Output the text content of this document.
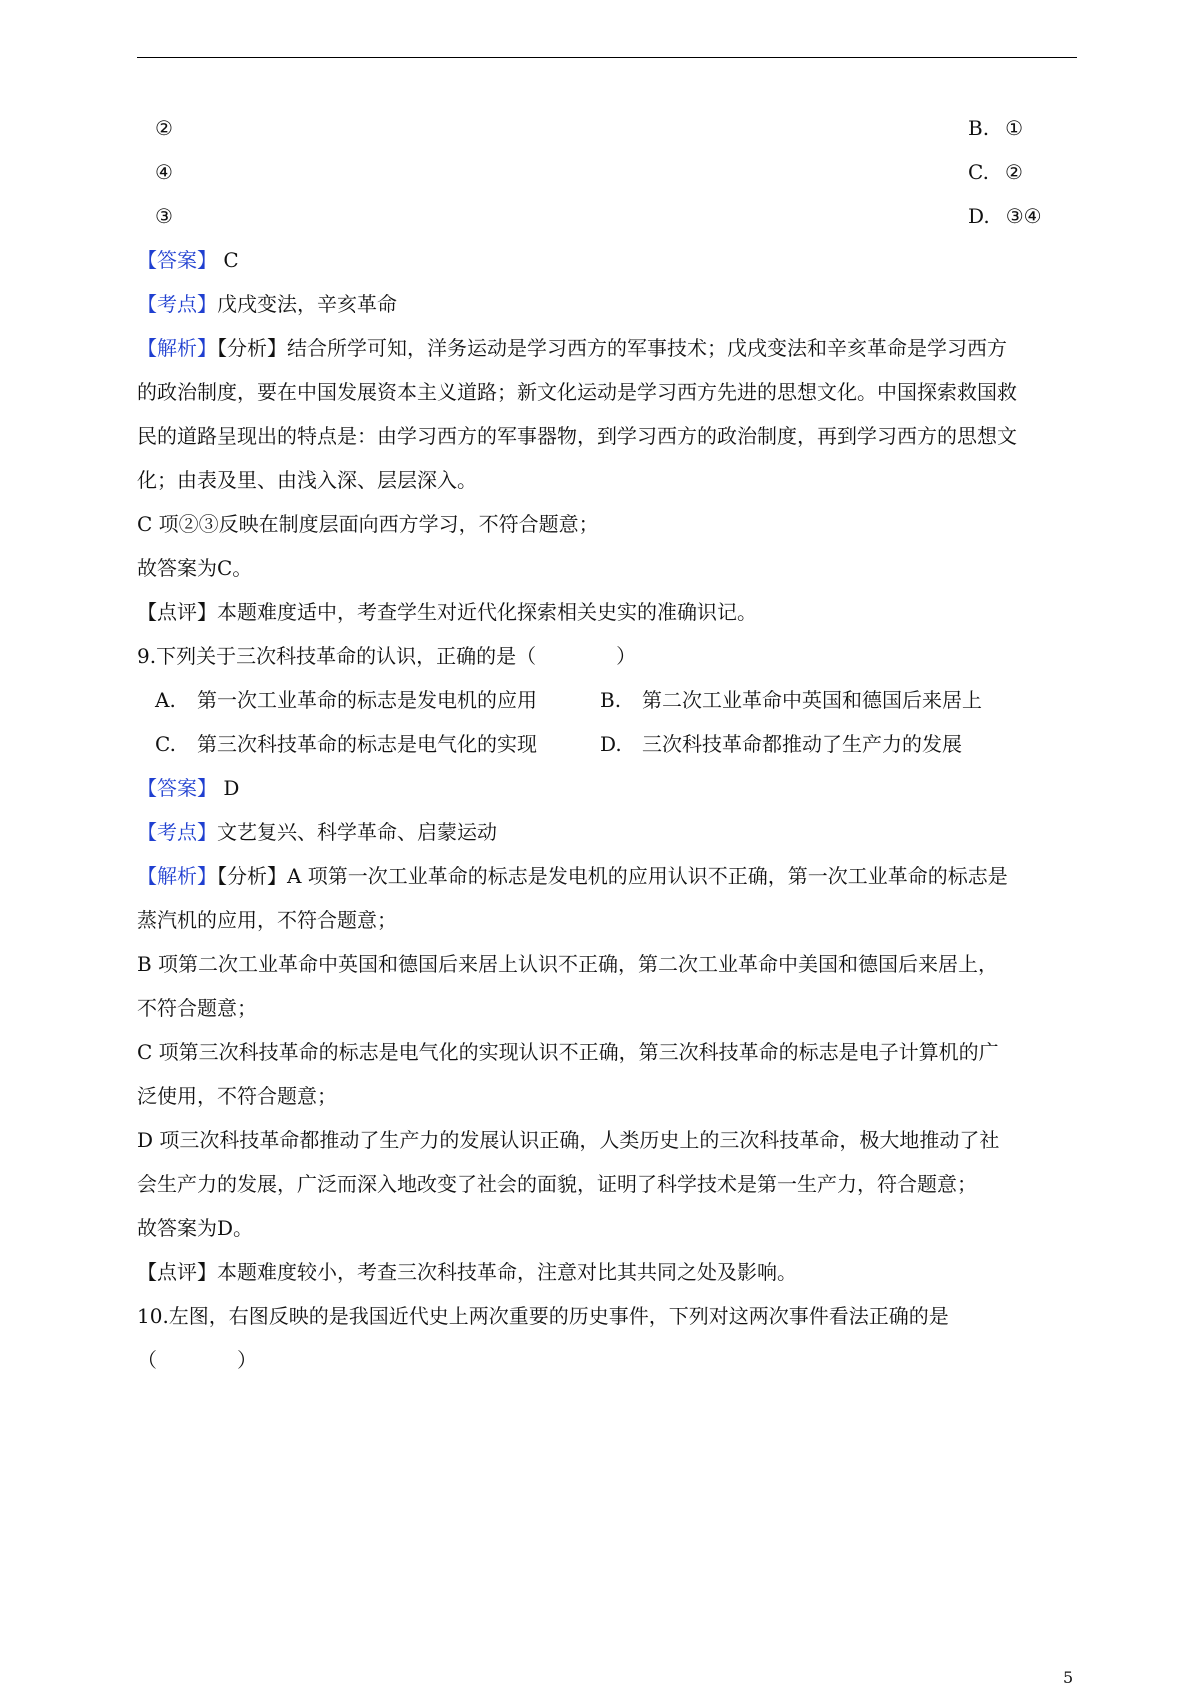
②	B. ①
④	C. ②
③	D. ③④
【答案】 C
【考点】戊戌变法，辛亥革命
【解析】【分析】结合所学可知，洋务运动是学习西方的军事技术；戊戌变法和辛亥革命是学习西方
的政治制度，要在中国发展资本主义道路；新文化运动是学习西方先进的思想文化。中国探索救国救
民的道路呈现出的特点是：由学习西方的军事器物，到学习西方的政治制度，再到学习西方的思想文
化；由表及里、由浅入深、层层深入。
C 项②③反映在制度层面向西方学习，不符合题意；
故答案为C。
【点评】本题难度适中，考查学生对近代化探索相关史实的准确识记。
9.下列关于三次科技革命的认识，正确的是（　　　　）
A. 第一次工业革命的标志是发电机的应用	B. 第二次工业革命中英国和德国后来居上
C. 第三次科技革命的标志是电气化的实现	D. 三次科技革命都推动了生产力的发展
【答案】 D
【考点】文艺复兴、科学革命、启蒙运动
【解析】【分析】A 项第一次工业革命的标志是发电机的应用认识不正确，第一次工业革命的标志是
蒸汽机的应用，不符合题意；
B 项第二次工业革命中英国和德国后来居上认识不正确，第二次工业革命中美国和德国后来居上，
不符合题意；
C 项第三次科技革命的标志是电气化的实现认识不正确，第三次科技革命的标志是电子计算机的广
泛使用，不符合题意；
D 项三次科技革命都推动了生产力的发展认识正确，人类历史上的三次科技革命，极大地推动了社
会生产力的发展，广泛而深入地改变了社会的面貌，证明了科学技术是第一生产力，符合题意；
故答案为D。
【点评】本题难度较小，考查三次科技革命，注意对比其共同之处及影响。
10.左图，右图反映的是我国近代史上两次重要的历史事件，下列对这两次事件看法正确的是
（　　　　）
5
